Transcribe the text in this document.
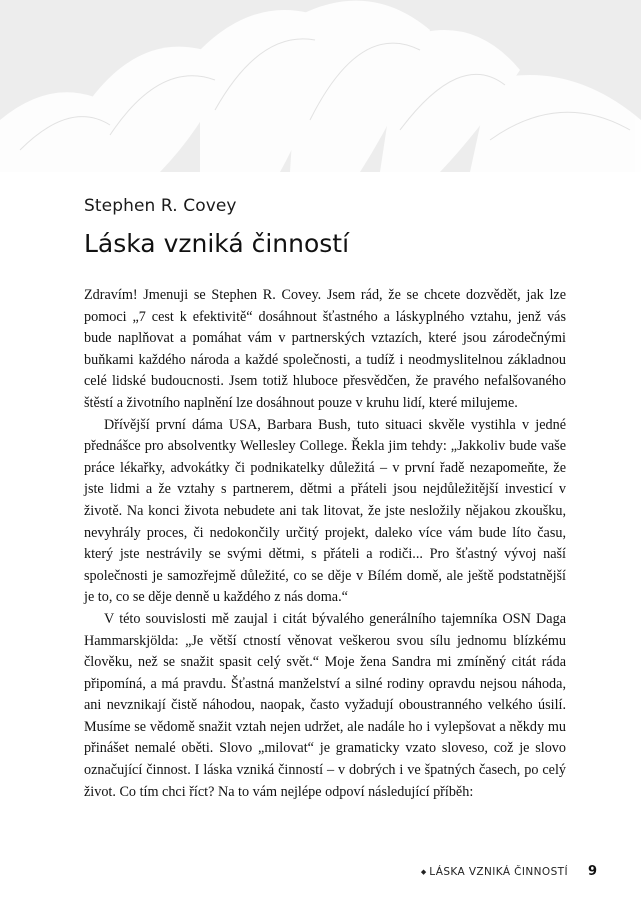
Stephen R. Covey
Láska vzniká činností

Zdravím! Jmenuji se Stephen R. Covey. Jsem rád, že se chcete dozvědět, jak lze pomoci „7 cest k efektivitě“ dosáhnout šťastného a láskyplného vztahu, jenž vás bude naplňovat a pomáhat vám v partnerských vztazích, které jsou zárodečnými buňkami každého národa a každé společnosti, a tudíž i neodmyslitelnou základnou celé lidské budoucnosti. Jsem totiž hluboce přesvědčen, že pravého nefalšovaného štěstí a životního naplnění lze dosáhnout pouze v kruhu lidí, které milujeme.

Dřívější první dáma USA, Barbara Bush, tuto situaci skvěle vystihla v jedné přednášce pro absolventky Wellesley College. Řekla jim tehdy: „Jakkoliv bude vaše práce lékařky, advokátky či podnikatelky důležitá – v první řadě nezapomeňte, že jste lidmi a že vztahy s partnerem, dětmi a přáteli jsou nejdůležitější investicí v životě. Na konci života nebudete ani tak litovat, že jste nesložily nějakou zkoušku, nevyhrály proces, či nedokončily určitý projekt, daleko více vám bude líto času, který jste nestrávily se svými dětmi, s přáteli a rodiči... Pro šťastný vývoj naší společnosti je samozřejmě důležité, co se děje v Bílém domě, ale ještě podstatnější je to, co se děje denně u každého z nás doma.“

V této souvislosti mě zaujal i citát bývalého generálního tajemníka OSN Daga Hammarskjölda: „Je větší ctností věnovat veškerou svou sílu jednomu blízkému člověku, než se snažit spasit celý svět.“ Moje žena Sandra mi zmíněný citát ráda připomíná, a má pravdu. Šťastná manželství a silné rodiny opravdu nejsou náhoda, ani nevznikají čistě náhodou, naopak, často vyžadují oboustranného velkého úsilí. Musíme se vědomě snažit vztah nejen udržet, ale nadále ho i vylepšovat a někdy mu přinášet nemalé oběti. Slovo „milovat“ je gramaticky vzato sloveso, což je slovo označující činnost. I láska vzniká činností – v dobrých i ve špatných časech, po celý život. Co tím chci říct? Na to vám nejlépe odpoví následující příběh:

◆ LÁSKA VZNIKÁ ČINNOSTÍ 9
